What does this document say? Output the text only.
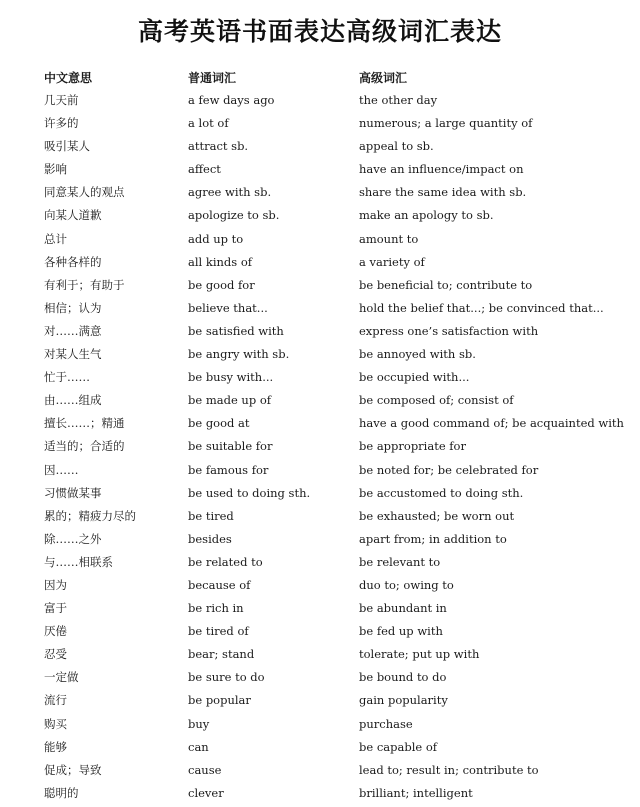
高考英语书面表达高级词汇表达
中文意思	普通词汇	高级词汇
几天前	a few days ago	the other day
许多的	a lot of	numerous; a large quantity of
吸引某人	attract sb.	appeal to sb.
影响	affect	have an influence/impact on
同意某人的观点	agree with sb.	share the same idea with sb.
向某人道歉	apologize to sb.	make an apology to sb.
总计	add up to	amount to
各种各样的	all kinds of	a variety of
有利于；有助于	be good for	be beneficial to; contribute to
相信；认为	believe that...	hold the belief that...; be convinced that...
对……满意	be satisfied with	express one’s satisfaction with
对某人生气	be angry with sb.	be annoyed with sb.
忙于……	be busy with...	be occupied with...
由……组成	be made up of	be composed of; consist of
擅长……；精通	be good at	have a good command of; be acquainted with
适当的；合适的	be suitable for	be appropriate for
因……	be famous for	be noted for; be celebrated for
习惯做某事	be used to doing sth.	be accustomed to doing sth.
累的；精疲力尽的	be tired	be exhausted; be worn out
除……之外	besides	apart from; in addition to
与……相联系	be related to	be relevant to
因为	because of	duo to; owing to
富于	be rich in	be abundant in
厌倦	be tired of	be fed up with
忍受	bear; stand	tolerate; put up with
一定做	be sure to do	be bound to do
流行	be popular	gain popularity
购买	buy	purchase
能够	can	be capable of
促成；导致	cause	lead to; result in; contribute to
聪明的	clever	brilliant; intelligent
